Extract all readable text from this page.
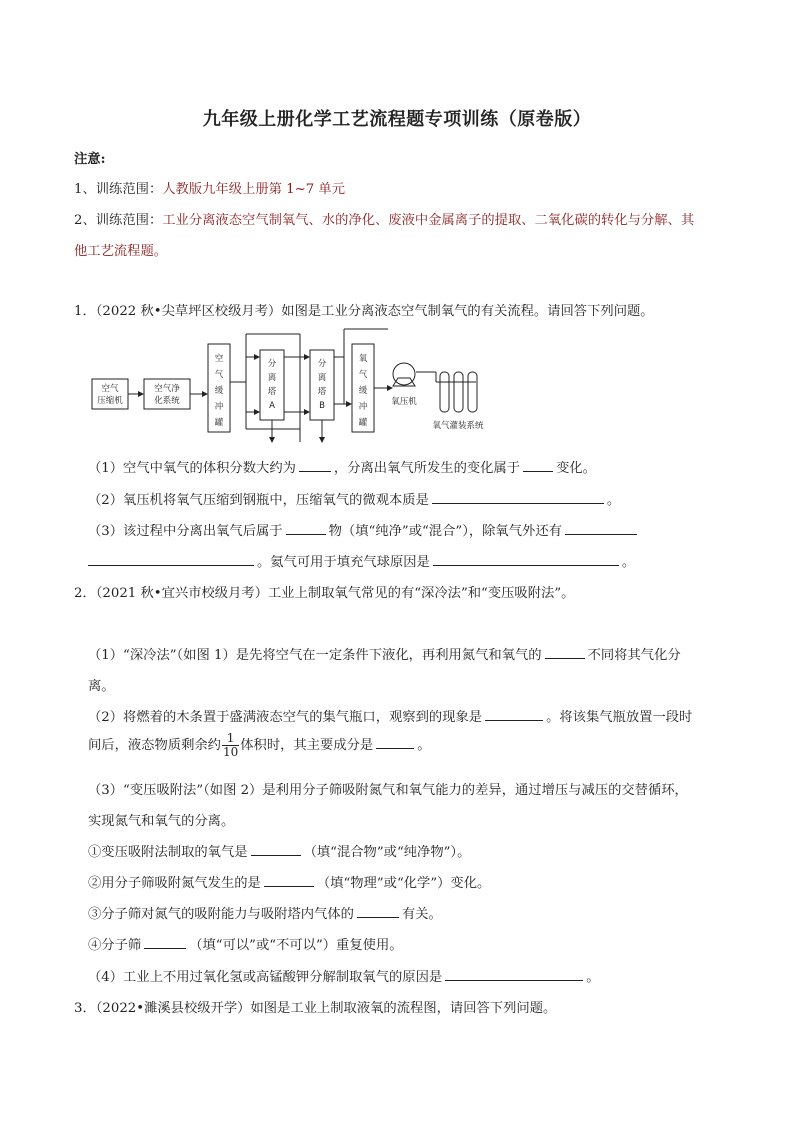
九年级上册化学工艺流程题专项训练（原卷版）
注意:
1、训练范围：人教版九年级上册第 1~7 单元
2、训练范围：工业分离液态空气制氧气、水的净化、废液中金属离子的提取、二氧化碳的转化与分解、其
他工艺流程题。
1．（2022 秋•尖草坪区校级月考）如图是工业分离液态空气制氧气的有关流程。请回答下列问题。
空气
压缩机
空气净
化系统
空
气
缓
冲
罐
分
离
塔
A
分
离
塔
B
氧
气
缓
冲
罐
氧压机
氧气灌装系统
（1）空气中氧气的体积分数大约为	，分离出氧气所发生的变化属于	变化。
（2）氧压机将氧气压缩到钢瓶中，压缩氧气的微观本质是	。
（3）该过程中分离出氧气后属于	物（填“纯净”或“混合”），除氧气外还有
。氦气可用于填充气球原因是	。
2．（2021 秋•宜兴市校级月考）工业上制取氧气常见的有“深冷法”和“变压吸附法”。
（1）“深冷法”（如图 1）是先将空气在一定条件下液化，再利用氮气和氧气的	不同将其气化分
离。
（2）将燃着的木条置于盛满液态空气的集气瓶口，观察到的现象是	。将该集气瓶放置一段时
间后，液态物质剩余约 $\frac{1}{10}$ 体积时，其主要成分是	。
（3）“变压吸附法”（如图 2）是利用分子筛吸附氮气和氧气能力的差异，通过增压与减压的交替循环，
实现氮气和氧气的分离。
①变压吸附法制取的氧气是	（填“混合物”或“纯净物”）。
②用分子筛吸附氮气发生的是	（填“物理”或“化学”）变化。
③分子筛对氮气的吸附能力与吸附塔内气体的	有关。
④分子筛	（填“可以”或“不可以”）重复使用。
（4）工业上不用过氧化氢或高锰酸钾分解制取氧气的原因是	。
3．（2022•濉溪县校级开学）如图是工业上制取液氧的流程图，请回答下列问题。
